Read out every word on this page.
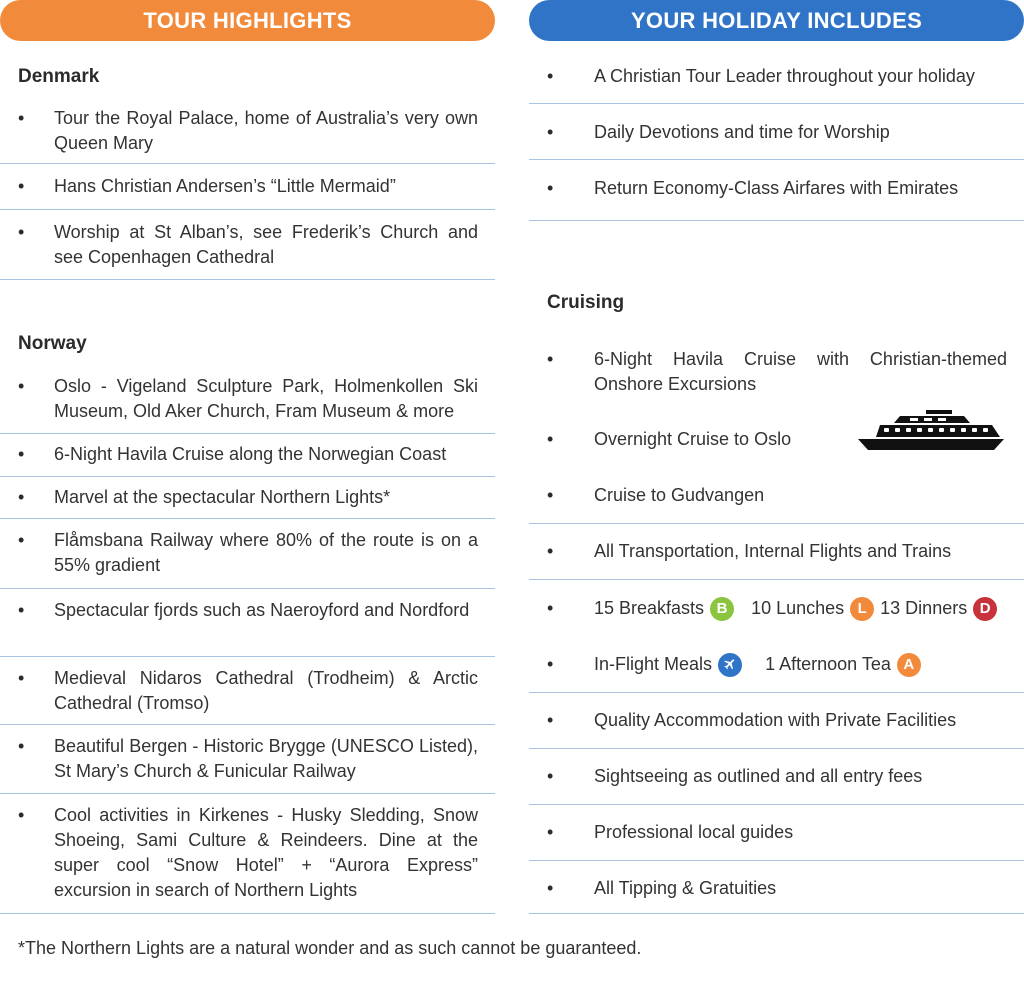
TOUR HIGHLIGHTS
Denmark
• Tour the Royal Palace, home of Australia’s very own Queen Mary
• Hans Christian Andersen’s “Little Mermaid”
• Worship at St Alban’s, see Frederik’s Church and see Copenhagen Cathedral
Norway
• Oslo - Vigeland Sculpture Park, Holmenkollen Ski Museum, Old Aker Church, Fram Museum & more
• 6-Night Havila Cruise along the Norwegian Coast
• Marvel at the spectacular Northern Lights*
• Flåmsbana Railway where 80% of the route is on a 55% gradient
• Spectacular fjords such as Naeroyford and Nordford
• Medieval Nidaros Cathedral (Trodheim) & Arctic Cathedral (Tromso)
• Beautiful Bergen - Historic Brygge (UNESCO Listed), St Mary’s Church & Funicular Railway
• Cool activities in Kirkenes - Husky Sledding, Snow Shoeing, Sami Culture & Reindeers. Dine at the super cool “Snow Hotel” + “Aurora Express” excursion in search of Northern Lights
YOUR HOLIDAY INCLUDES
• A Christian Tour Leader throughout your holiday
• Daily Devotions and time for Worship
• Return Economy-Class Airfares with Emirates
Cruising
• 6-Night Havila Cruise with Christian-themed Onshore Excursions
• Overnight Cruise to Oslo
• Cruise to Gudvangen
• All Transportation, Internal Flights and Trains
• 15 Breakfasts B 10 Lunches L 13 Dinners D
• In-Flight Meals	1 Afternoon Tea A
• Quality Accommodation with Private Facilities
• Sightseeing as outlined and all entry fees
• Professional local guides
• All Tipping & Gratuities
*The Northern Lights are a natural wonder and as such cannot be guaranteed.
